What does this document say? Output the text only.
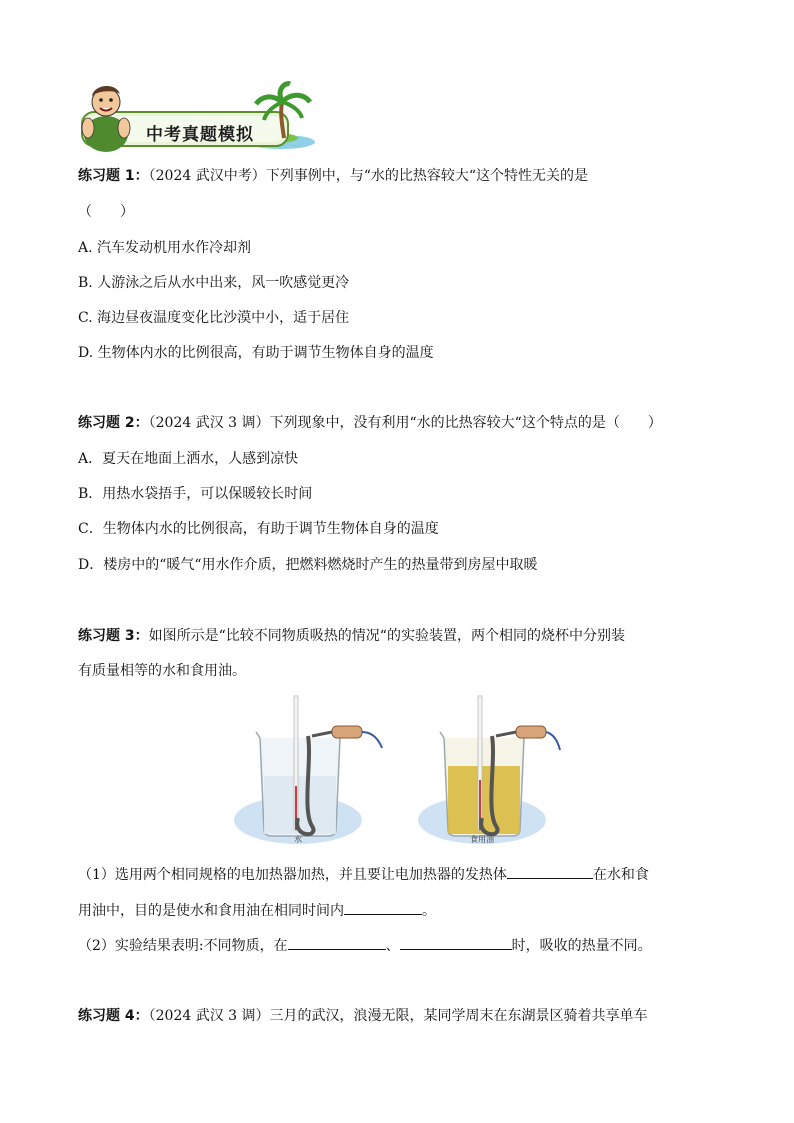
中考真题模拟
练习题 1：（2024 武汉中考）下列事例中，与“水的比热容较大“这个特性无关的是
（　　）
A. 汽车发动机用水作冷却剂
B. 人游泳之后从水中出来，风一吹感觉更冷
C. 海边昼夜温度变化比沙漠中小，适于居住
D. 生物体内水的比例很高，有助于调节生物体自身的温度
练习题 2：（2024 武汉 3 调）下列现象中，没有利用“水的比热容较大“这个特点的是（　　）
A．夏天在地面上洒水，人感到凉快
B．用热水袋捂手，可以保暖较长时间
C．生物体内水的比例很高，有助于调节生物体自身的温度
D．楼房中的“暖气“用水作介质，把燃料燃烧时产生的热量带到房屋中取暖
练习题 3：如图所示是“比较不同物质吸热的情况“的实验装置，两个相同的烧杯中分别装
有质量相等的水和食用油。
水	食用油
（1）选用两个相同规格的电加热器加热，并且要让电加热器的发热体	在水和食
用油中，目的是使水和食用油在相同时间内	。
（2）实验结果表明:不同物质，在	、	时，吸收的热量不同。
练习题 4：（2024 武汉 3 调）三月的武汉，浪漫无限，某同学周末在东湖景区骑着共享单车
